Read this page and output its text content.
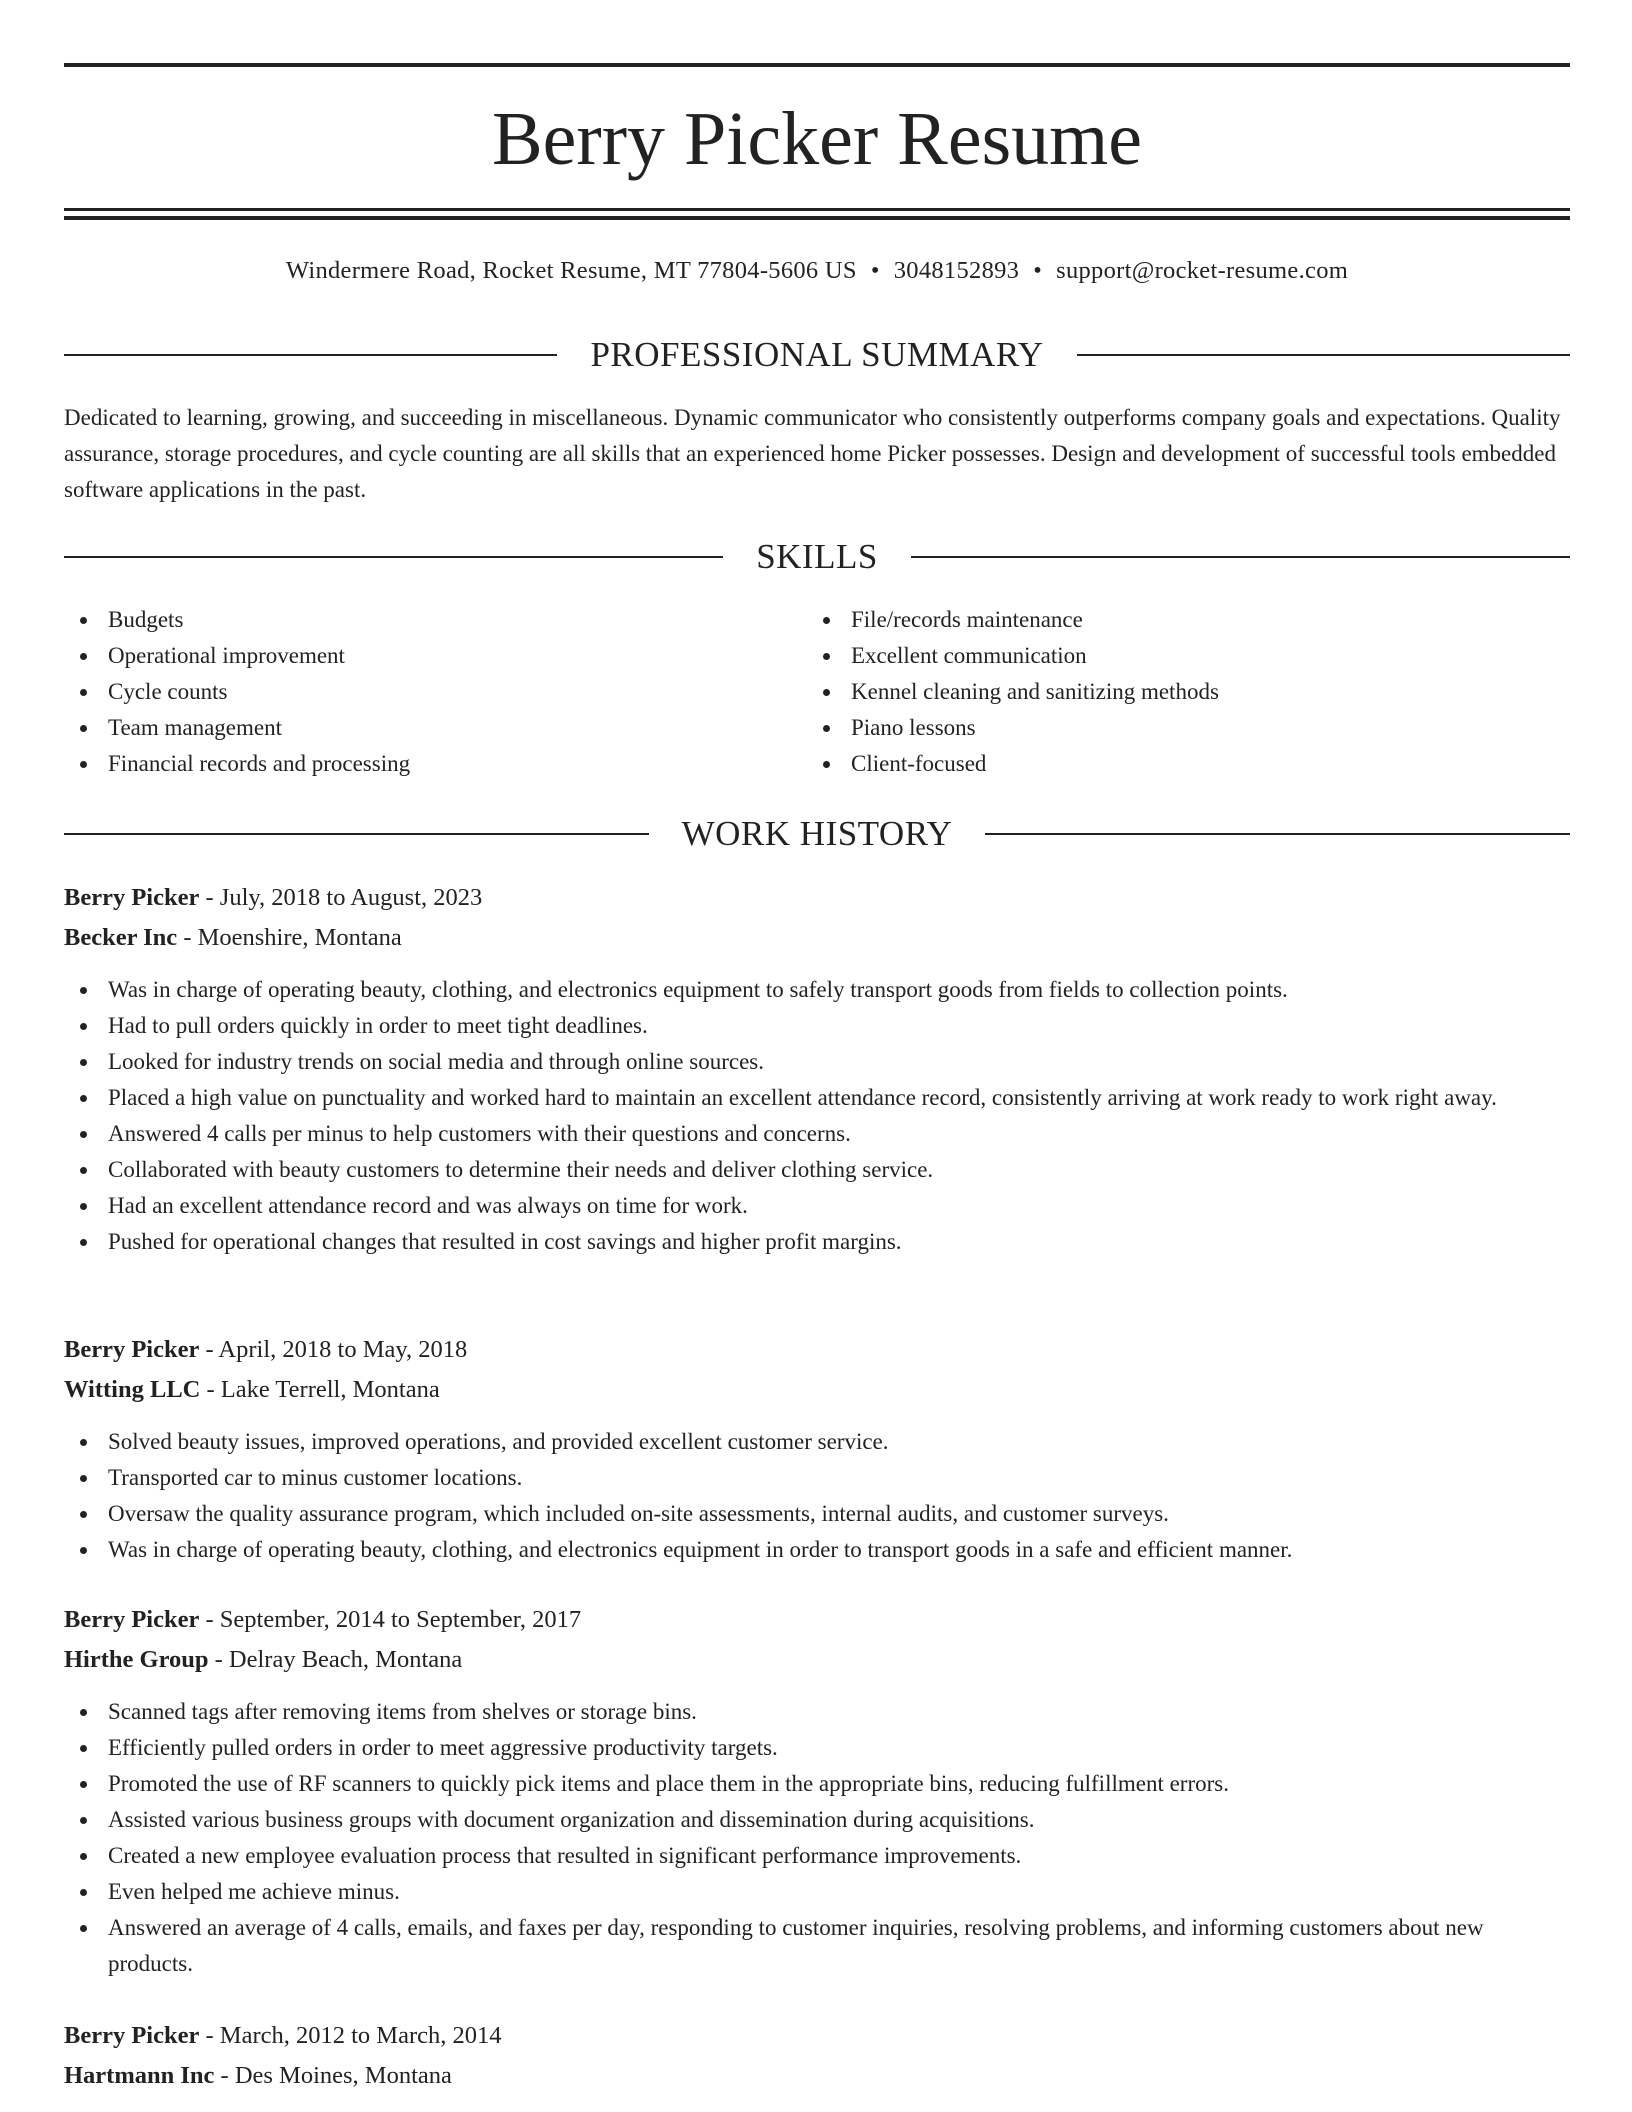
Berry Picker Resume
Windermere Road, Rocket Resume, MT 77804-5606 US • 3048152893 • support@rocket-resume.com
PROFESSIONAL SUMMARY

Dedicated to learning, growing, and succeeding in miscellaneous. Dynamic communicator who consistently outperforms company goals and expectations. Quality assurance, storage procedures, and cycle counting are all skills that an experienced home Picker possesses. Design and development of successful tools embedded software applications in the past.

SKILLS
Budgets
Operational improvement
Cycle counts
Team management
Financial records and processing
File/records maintenance
Excellent communication
Kennel cleaning and sanitizing methods
Piano lessons
Client-focused
WORK HISTORY
Berry Picker - July, 2018 to August, 2023
Becker Inc - Moenshire, Montana
Was in charge of operating beauty, clothing, and electronics equipment to safely transport goods from fields to collection points.
Had to pull orders quickly in order to meet tight deadlines.
Looked for industry trends on social media and through online sources.
Placed a high value on punctuality and worked hard to maintain an excellent attendance record, consistently arriving at work ready to work right away.
Answered 4 calls per minus to help customers with their questions and concerns.
Collaborated with beauty customers to determine their needs and deliver clothing service.
Had an excellent attendance record and was always on time for work.
Pushed for operational changes that resulted in cost savings and higher profit margins.
Berry Picker - April, 2018 to May, 2018
Witting LLC - Lake Terrell, Montana
Solved beauty issues, improved operations, and provided excellent customer service.
Transported car to minus customer locations.
Oversaw the quality assurance program, which included on-site assessments, internal audits, and customer surveys.
Was in charge of operating beauty, clothing, and electronics equipment in order to transport goods in a safe and efficient manner.
Berry Picker - September, 2014 to September, 2017
Hirthe Group - Delray Beach, Montana
Scanned tags after removing items from shelves or storage bins.
Efficiently pulled orders in order to meet aggressive productivity targets.
Promoted the use of RF scanners to quickly pick items and place them in the appropriate bins, reducing fulfillment errors.
Assisted various business groups with document organization and dissemination during acquisitions.
Created a new employee evaluation process that resulted in significant performance improvements.
Even helped me achieve minus.
Answered an average of 4 calls, emails, and faxes per day, responding to customer inquiries, resolving problems, and informing customers about new products.
Berry Picker - March, 2012 to March, 2014
Hartmann Inc - Des Moines, Montana
